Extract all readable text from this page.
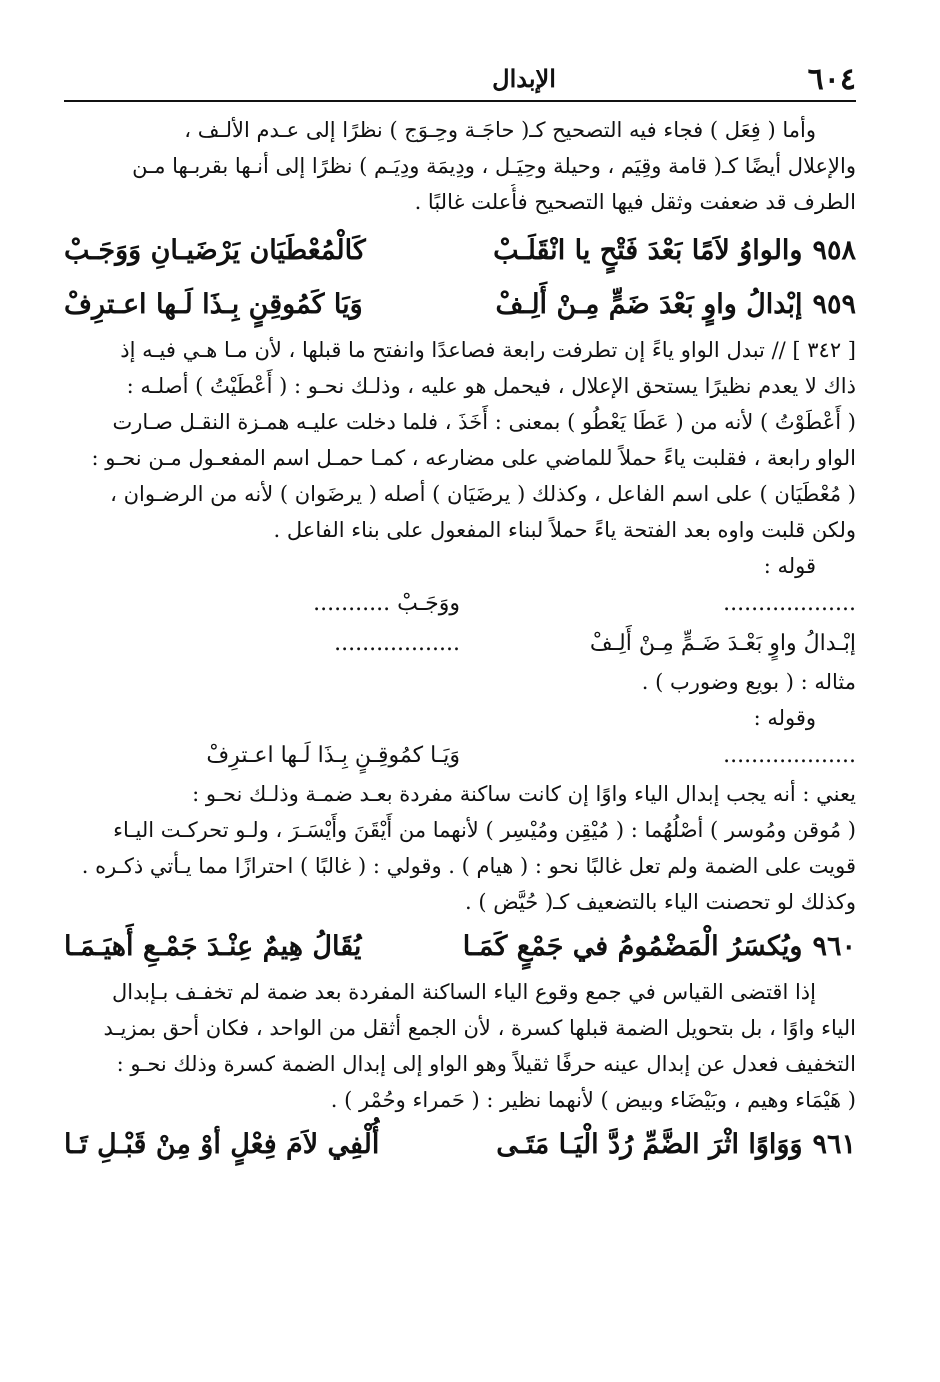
٦٠٤
الإبدال
وأما ( فِعَل ) فجاء فيه التصحيح كـ( حاجَـة وحِـوَج ) نظرًا إلى عـدم الألـف ،
والإعلال أيضًا كـ( قامة وقِيَم ، وحيلة وحِيَـل ، ودِيمَة ودِيَـم ) نظرًا إلى أنـها بقربـها مـن
الطرف قد ضعفت وثقل فيها التصحيح فأُعلت غالبًا .
٩٥٨
والواوُ لاَمًا بَعْدَ فَتْحٍ يا انْقَلَـبْ
كَالْمُعْطَيَان يَرْضَيـانِ وَوَجَـبْ
٩٥٩
إبْدالُ واوٍ بَعْدَ ضَمٍّ مِـنْ أَلِـفْ
وَيَا كَمُوقِنٍ بِـذَا لَـها اعـترِفْ
[ ٣٤٢ ] // تبدل الواو ياءً إن تطرفت رابعة فصاعدًا وانفتح ما قبلها ، لأن مـا هـي فيـه إذ
ذاك لا يعدم نظيرًا يستحق الإعلال ، فيحمل هو عليه ، وذلـك نحـو : ( أَعْطَيْتُ ) أصلـه :
( أَعْطَوْتُ ) لأنه من ( عَطَا يَعْطُو ) بمعنى : أَخَذَ ، فلما دخلت عليـه همـزة النقـل صـارت
الواو رابعة ، فقلبت ياءً حملاً للماضي على مضارعه ، كمـا حمـل اسم المفعـول مـن نحـو :
( مُعْطَيَان ) على اسم الفاعل ، وكذلك ( يرضَيَان ) أصله ( يرضَوان ) لأنه من الرضـوان ،
ولكن قلبت واوه بعد الفتحة ياءً حملاً لبناء المفعول على بناء الفاعل .
قوله :
...................
ووَجَـبْ ...........
إبْـدالُ واوٍ بَعْـدَ ضَـمٍّ مِـنْ أَلِـفْ
..................
مثاله : ( بويع وضورب ) .
وقوله :
...................
وَيَـا كمُوقِـنٍ بِـذَا لَـها اعـترِفْ
يعني : أنه يجب إبدال الياء واوًا إن كانت ساكنة مفردة بعـد ضمـة وذلـك نحـو :
( مُوقن ومُوسر ) أصْلُهُما : ( مُيْقِن ومُيْسِر ) لأنهما من أَيْقَنَ وأَيْسَـرَ ، ولـو تحركـت اليـاء
قويت على الضمة ولم تعل غالبًا نحو : ( هيام ) . وقولي : ( غالبًا ) احترازًا مما يـأتي ذكـره .
وكذلك لو تحصنت الياء بالتضعيف كـ( حُيَّض ) .
٩٦٠
ويُكسَرُ الْمَضْمُومُ في جَمْعٍ كَمَـا
يُقَالُ هِيمٌ عِنْـدَ جَمْـعِ أَهيَـمَـا
إذا اقتضى القياس في جمع وقوع الياء الساكنة المفردة بعد ضمة لم تخفـف بـإبدال
الياء واوًا ، بل بتحويل الضمة قبلها كسرة ، لأن الجمع أثقل من الواحد ، فكان أحق بمزيـد
التخفيف فعدل عن إبدال عينه حرفًا ثقيلاً وهو الواو إلى إبدال الضمة كسرة وذلك نحـو :
( هَيْمَاء وهيم ، وبَيْضَاء وبيض ) لأنهما نظير : ( حَمراء وحُمْر ) .
٩٦١
وَوَاوًا اثْرَ الضَّمِّ رُدَّ الْيَـا مَتَـى
أُلْفِي لاَمَ فِعْلٍ أوْ مِنْ قَبْـلِ تَـا
